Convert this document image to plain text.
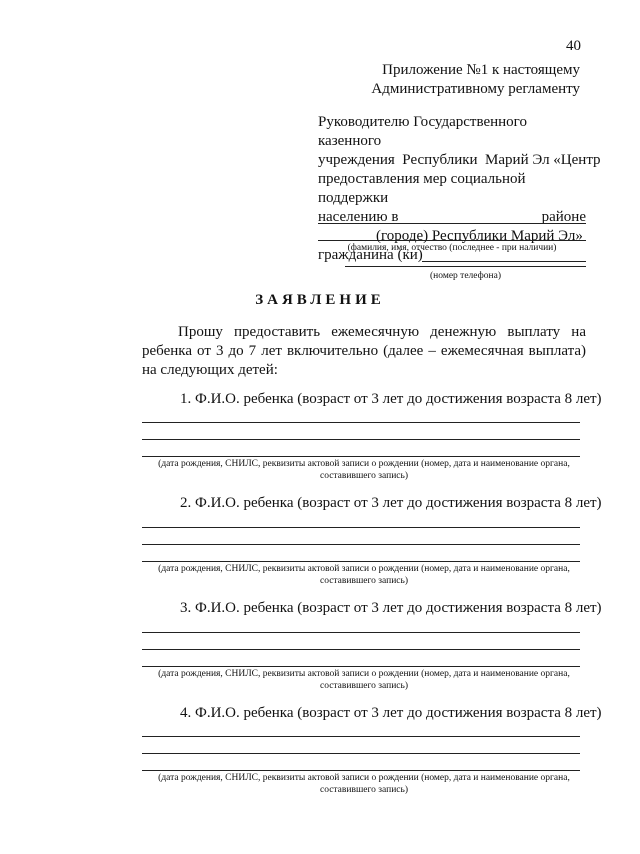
40
Приложение №1 к настоящему
Административному регламенту
Руководителю Государственного казенного
учреждения  Республики  Марий Эл «Центр
предоставления мер социальной поддержки
населению в	районе
(городе) Республики Марий Эл»
гражданина (ки)
(фамилия, имя, отчество (последнее - при наличии)
(номер телефона)
ЗАЯВЛЕНИЕ
Прошу предоставить ежемесячную денежную выплату на ребенка от 3 до 7 лет включительно (далее – ежемесячная выплата) на следующих детей:
1. Ф.И.О. ребенка (возраст от 3 лет до достижения возраста 8 лет)
(дата рождения, СНИЛС, реквизиты актовой записи о рождении (номер, дата и наименование органа,
составившего запись)
2. Ф.И.О. ребенка (возраст от 3 лет до достижения возраста 8 лет)
(дата рождения, СНИЛС, реквизиты актовой записи о рождении (номер, дата и наименование органа,
составившего запись)
3. Ф.И.О. ребенка (возраст от 3 лет до достижения возраста 8 лет)
(дата рождения, СНИЛС, реквизиты актовой записи о рождении (номер, дата и наименование органа,
составившего запись)
4. Ф.И.О. ребенка (возраст от 3 лет до достижения возраста 8 лет)
(дата рождения, СНИЛС, реквизиты актовой записи о рождении (номер, дата и наименование органа,
составившего запись)
